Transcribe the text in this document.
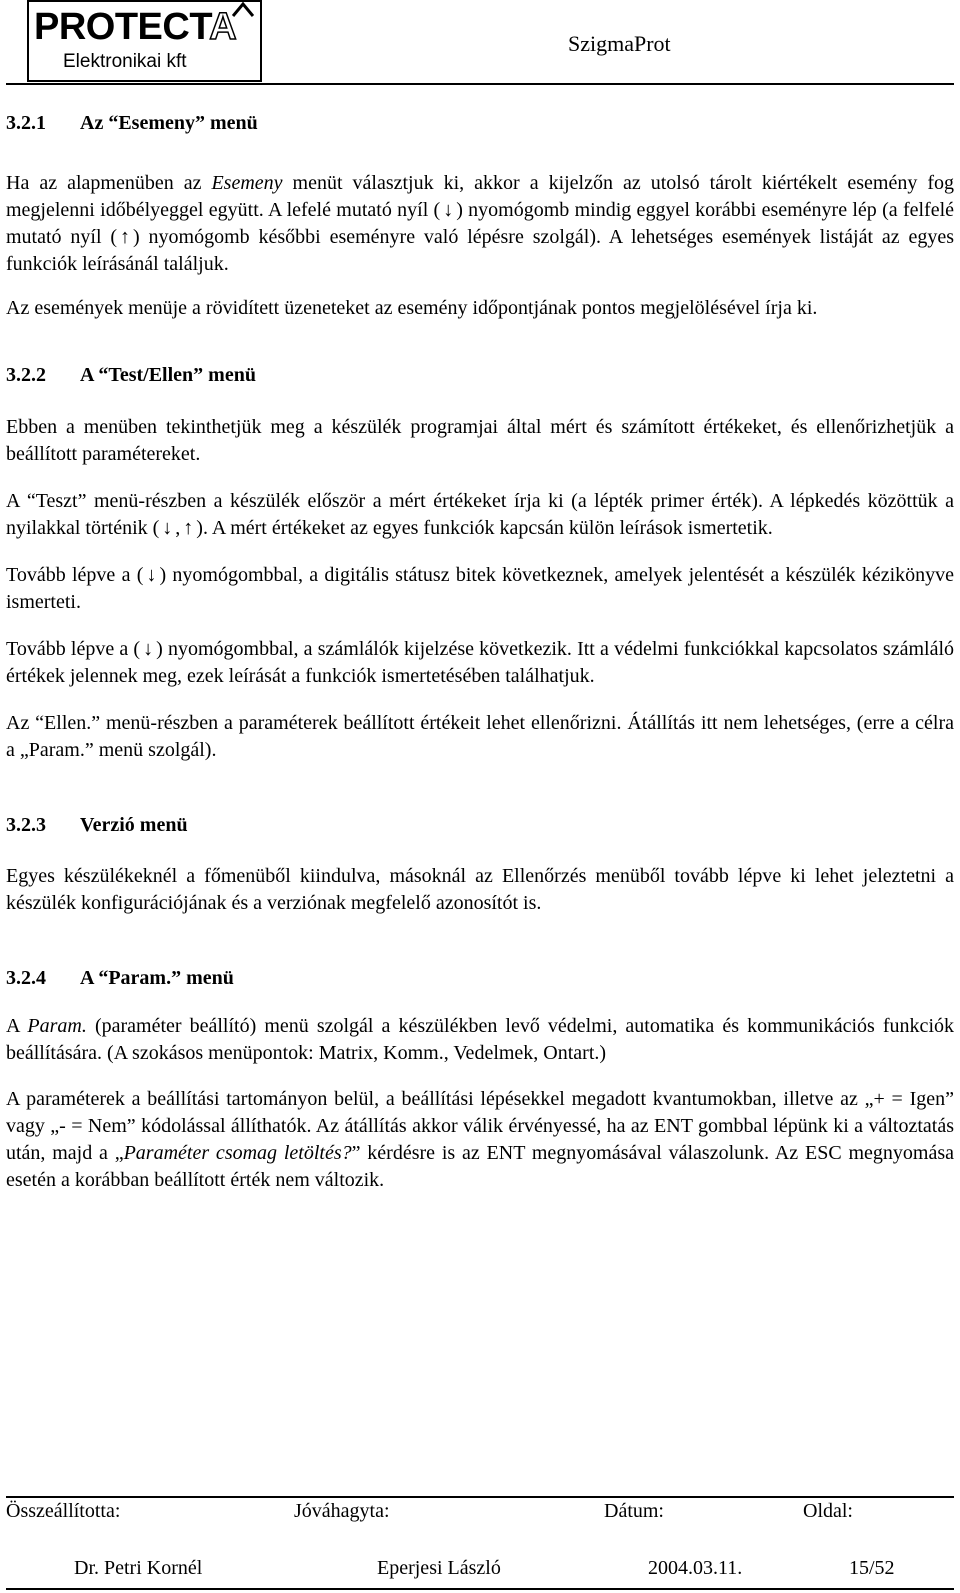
PROTECTA
Elektronikai kft
SzigmaProt
3.2.1 Az “Esemeny” menü

Ha az alapmenüben az Esemeny menüt választjuk ki, akkor a kijelzőn az utolsó tárolt kiértékelt esemény fog megjelenni időbélyeggel együtt. A lefelé mutató nyíl ( ↓ ) nyomógomb mindig eggyel korábbi eseményre lép (a felfelé mutató nyíl ( ↑ ) nyomógomb későbbi eseményre való lépésre szolgál). A lehetséges események listáját az egyes funkciók leírásánál találjuk.

Az események menüje a rövidített üzeneteket az esemény időpontjának pontos megjelölésével írja ki.

3.2.2 A “Test/Ellen” menü

Ebben a menüben tekinthetjük meg a készülék programjai által mért és számított értékeket, és ellenőrizhetjük a beállított paramétereket.

A “Teszt” menü-részben a készülék először a mért értékeket írja ki (a lépték primer érték). A lépkedés közöttük a nyilakkal történik ( ↓ , ↑ ). A mért értékeket az egyes funkciók kapcsán külön leírások ismertetik.

Tovább lépve a ( ↓ ) nyomógombbal, a digitális státusz bitek következnek, amelyek jelentését a készülék kézikönyve ismerteti.

Tovább lépve a ( ↓ ) nyomógombbal, a számlálók kijelzése következik. Itt a védelmi funkciókkal kapcsolatos számláló értékek jelennek meg, ezek leírását a funkciók ismertetésében találhatjuk.

Az “Ellen.” menü-részben a paraméterek beállított értékeit lehet ellenőrizni. Átállítás itt nem lehetséges, (erre a célra a „Param.” menü szolgál).

3.2.3 Verzió menü

Egyes készülékeknél a főmenüből kiindulva, másoknál az Ellenőrzés menüből tovább lépve ki lehet jeleztetni a készülék konfigurációjának és a verziónak megfelelő azonosítót is.

3.2.4 A “Param.” menü

A Param. (paraméter beállító) menü szolgál a készülékben levő védelmi, automatika és kommunikációs funkciók beállítására. (A szokásos menüpontok: Matrix, Komm., Vedelmek, Ontart.)

A paraméterek a beállítási tartományon belül, a beállítási lépésekkel megadott kvantumokban, illetve az „+ = Igen” vagy „- = Nem” kódolással állíthatók. Az átállítás akkor válik érvényessé, ha az ENT gombbal lépünk ki a változtatás után, majd a „Paraméter csomag letöltés?” kérdésre is az ENT megnyomásával válaszolunk. Az ESC megnyomása esetén a korábban beállított érték nem változik.

Összeállította:	Jóváhagyta:	Dátum:	Oldal:
Dr. Petri Kornél	Eperjesi László	2004.03.11.	15/52
